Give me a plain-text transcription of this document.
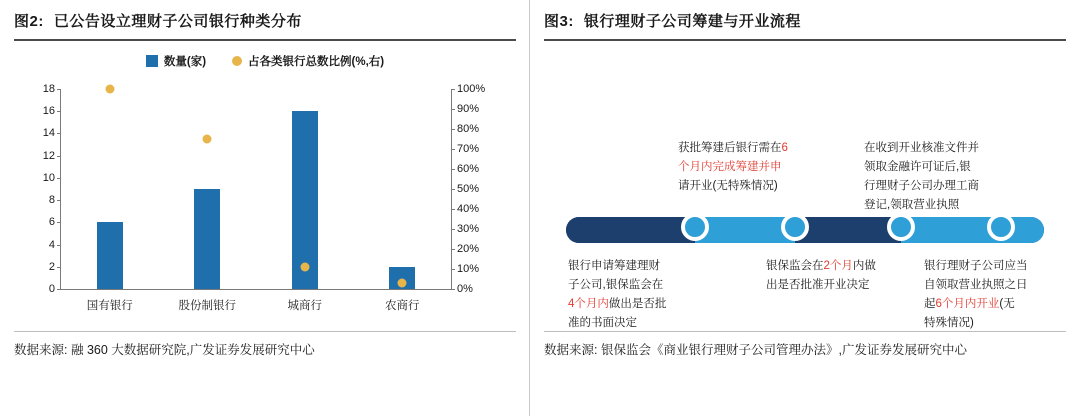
图2: 已公告设立理财子公司银行种类分布
数量(家)	占各类银行总数比例(%,右)
0
2
4
6
8
10
12
14
16
18
0%
10%
20%
30%
40%
50%
60%
70%
80%
90%
100%
国有银行	股份制银行	城商行	农商行
数据来源: 融 360 大数据研究院,广发证券发展研究中心
图3: 银行理财子公司筹建与开业流程
银行申请筹建理财
子公司,银保监会在
4个月内做出是否批
准的书面决定
获批筹建后银行需在6
个月内完成筹建并申
请开业(无特殊情况)
银保监会在2个月内做
出是否批准开业决定
在收到开业核准文件并
领取金融许可证后,银
行理财子公司办理工商
登记,领取营业执照
银行理财子公司应当
自领取营业执照之日
起6个月内开业(无
特殊情况)
数据来源: 银保监会《商业银行理财子公司管理办法》,广发证券发展研究中心
